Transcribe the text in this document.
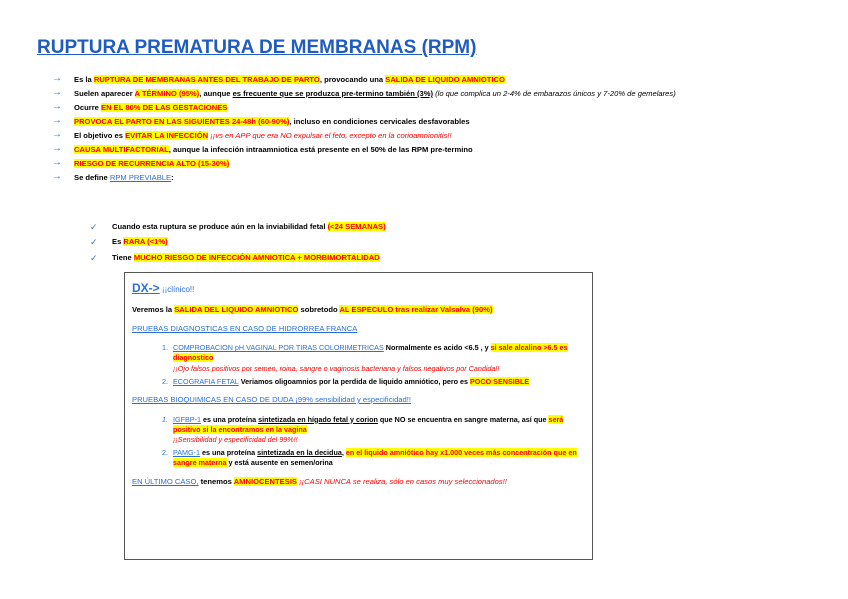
RUPTURA PREMATURA DE MEMBRANAS (RPM)
→ Es la RUPTURA DE MEMBRANAS ANTES DEL TRABAJO DE PARTO, provocando una SALIDA DE LIQUIDO AMNIOTICO
→ Suelen aparecer A TÉRMINO (95%), aunque es frecuente que se produzca pre-termino también (3%) (lo que complica un 2-4% de embarazos únicos y 7-20% de gemelares)
→ Ocurre EN EL 80% DE LAS GESTACIONES
→ PROVOCA EL PARTO EN LAS SIGUIENTES 24-48h (60-90%), incluso en condiciones cervicales desfavorables
→ El objetivo es EVITAR LA INFECCIÓN ¡¡vs en APP que era NO expulsar el feto, excepto en la corioamnionitis!!
→ CAUSA MULTIFACTORIAL, aunque la infección intraamniotica está presente en el 50% de las RPM pre-termino
→ RIESGO DE RECURRENCIA ALTO (15-30%)
→ Se define RPM PREVIABLE:
✓ Cuando esta ruptura se produce aún en la inviabilidad fetal (<24 SEMANAS)
✓ Es RARA (<1%)
✓ Tiene MUCHO RIESGO DE INFECCIÓN AMNIOTICA + MORBIMORTALIDAD
DX-> ¡¡clínico!!
Veremos la SALIDA DEL LIQUIDO AMNIOTICO sobretodo AL ESPECULO tras realizar Valsalva (90%)
PRUEBAS DIAGNOSTICAS EN CASO DE HIDRORREA FRANCA
1. COMPROBACION pH VAGINAL POR TIRAS COLORIMETRICAS Normalmente es acido <6.5 , y si sale alcalino >6.5 es diagnostico
¡¡Ojo falsos positivos por semen, roina, sangre o vaginosis bacteriana y falsos negativos por Candida!!
2. ECOGRAFIA FETAL Veriamos oligoamnios por la perdida de liquido amniótico, pero es POCO SENSIBLE
PRUEBAS BIOQUIMICAS EN CASO DE DUDA ¡99% sensibilidad y especificidad!!
1. IGFBP-1 es una proteína sintetizada en hígado fetal y corion que NO se encuentra en sangre materna, así que será positivo si la encontramos en la vagina
¡¡Sensibilidad y especificidad del 99%!!
2. PAMG-1 es una proteína sintetizada en la decidua, en el liquido amniótico hay x1.000 veces más concentración que en sangre materna y está ausente en semen/orina
EN ÚLTIMO CASO, tenemos AMNIOCENTESIS ¡¡CASI NUNCA se realiza, sólo en casos muy seleccionados!!
